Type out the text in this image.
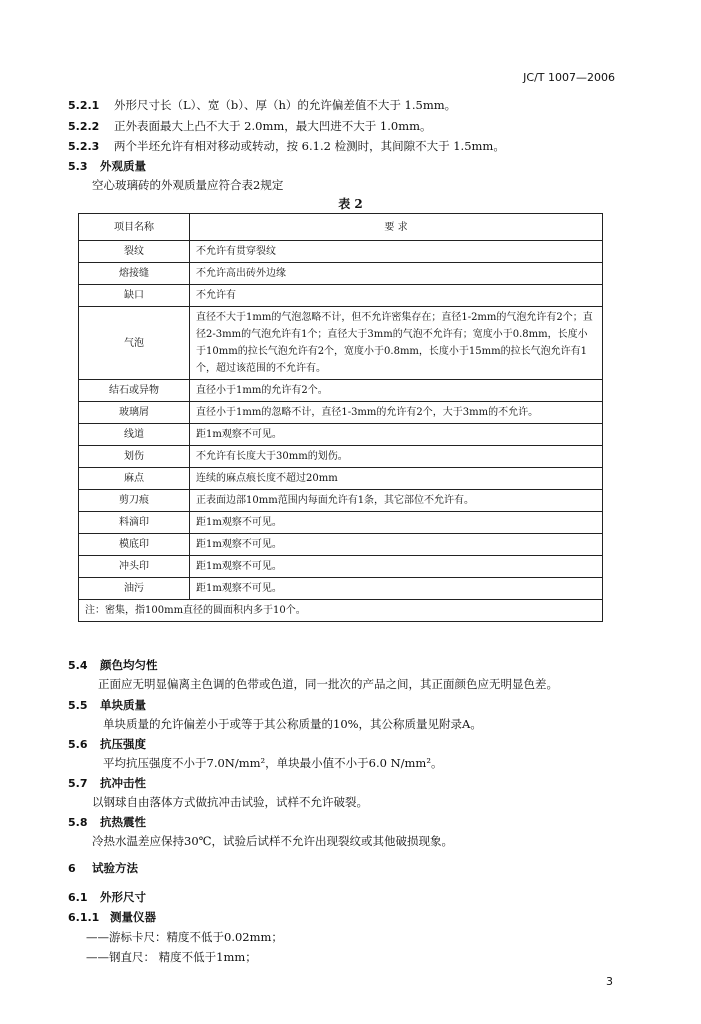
JC/T 1007—2006
5.2.1 外形尺寸长（L）、宽（b）、厚（h）的允许偏差值不大于 1.5mm。
5.2.2 正外表面最大上凸不大于 2.0mm，最大凹进不大于 1.0mm。
5.2.3 两个半坯允许有相对移动或转动，按 6.1.2 检测时，其间隙不大于 1.5mm。
5.3 外观质量
空心玻璃砖的外观质量应符合表2规定
表 2
项目名称	要 求
裂纹	不允许有贯穿裂纹
熔接缝	不允许高出砖外边缘
缺口	不允许有
气泡	直径不大于1mm的气泡忽略不计，但不允许密集存在；直径1-2mm的气泡允许有2个；直径2-3mm的气泡允许有1个；直径大于3mm的气泡不允许有；宽度小于0.8mm，长度小于10mm的拉长气泡允许有2个，宽度小于0.8mm，长度小于15mm的拉长气泡允许有1个，超过该范围的不允许有。
结石或异物	直径小于1mm的允许有2个。
玻璃屑	直径小于1mm的忽略不计，直径1-3mm的允许有2个，大于3mm的不允许。
线道	距1m观察不可见。
划伤	不允许有长度大于30mm的划伤。
麻点	连续的麻点痕长度不超过20mm
剪刀痕	正表面边部10mm范围内每面允许有1条，其它部位不允许有。
料滴印	距1m观察不可见。
模底印	距1m观察不可见。
冲头印	距1m观察不可见。
油污	距1m观察不可见。
注：密集，指100mm直径的圆面积内多于10个。	
5.4 颜色均匀性
正面应无明显偏离主色调的色带或色道，同一批次的产品之间，其正面颜色应无明显色差。
5.5 单块质量
单块质量的允许偏差小于或等于其公称质量的10%，其公称质量见附录A。
5.6 抗压强度
平均抗压强度不小于7.0N/mm²，单块最小值不小于6.0 N/mm²。
5.7 抗冲击性
以钢球自由落体方式做抗冲击试验，试样不允许破裂。
5.8 抗热震性
冷热水温差应保持30℃，试验后试样不允许出现裂纹或其他破损现象。
6 试验方法
6.1 外形尺寸
6.1.1 测量仪器
——游标卡尺：精度不低于0.02mm；
——钢直尺： 精度不低于1mm；
3
